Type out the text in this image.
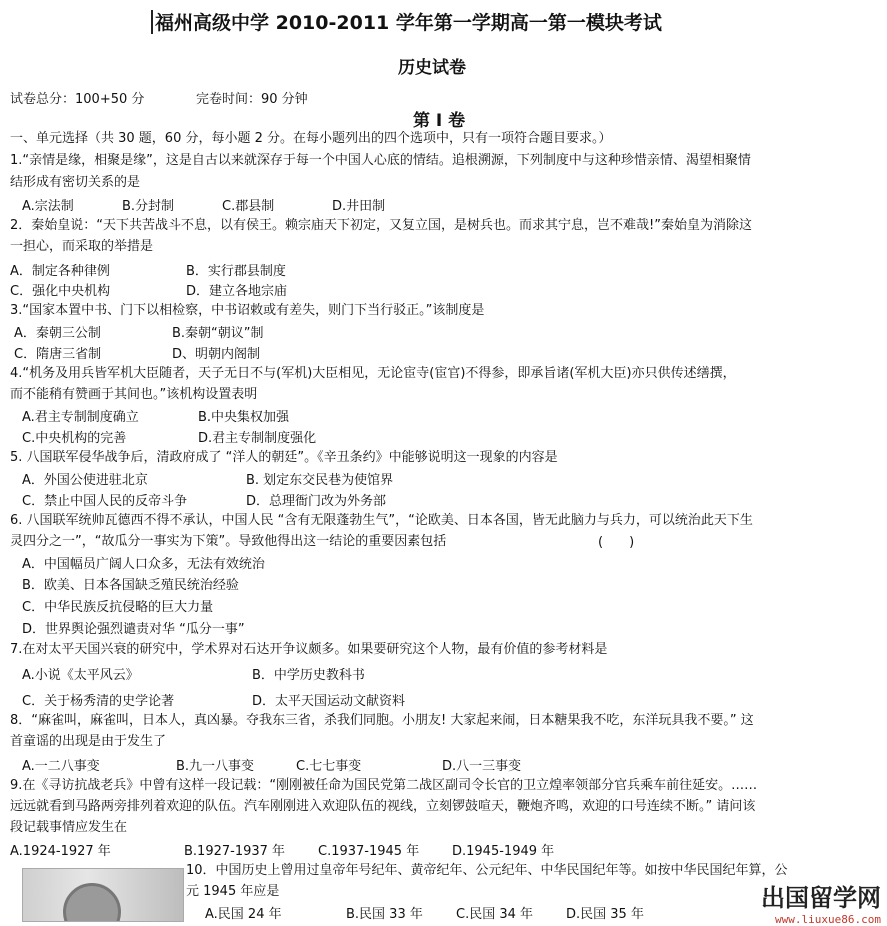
福州高级中学 2010-2011 学年第一学期高一第一模块考试
历史试卷
试卷总分：100+50 分	完卷时间：90 分钟
第 I 卷
一、单元选择（共 30 题，60 分，每小题 2 分。在每小题列出的四个选项中，只有一项符合题目要求。）
1.“亲情是缘，相聚是缘”，这是自古以来就深存于每一个中国人心底的情结。追根溯源，下列制度中与这种珍惜亲情、渴望相聚情
结形成有密切关系的是
A.宗法制	B.分封制	C.郡县制	D.井田制
2．秦始皇说：“天下共苦战斗不息，以有侯王。赖宗庙天下初定，又复立国，是树兵也。而求其宁息，岂不难哉!”秦始皇为消除这
一担心，而采取的举措是
A．制定各种律例	B．实行郡县制度
C．强化中央机构	D．建立各地宗庙
3.“国家本置中书、门下以相检察，中书诏敕或有差失，则门下当行驳正。”该制度是
A．秦朝三公制	B.秦朝“朝议”制
C．隋唐三省制	D、明朝内阁制
4.“机务及用兵皆军机大臣随者，天子无日不与(军机)大臣相见，无论宦寺(宦官)不得参，即承旨诸(军机大臣)亦只供传述缮撰，
而不能稍有赞画于其间也。”该机构设置表明
A.君主专制制度确立	B.中央集权加强
C.中央机构的完善	D.君主专制制度强化
5. 八国联军侵华战争后，清政府成了 “洋人的朝廷”。《辛丑条约》中能够说明这一现象的内容是
A．外国公使进驻北京	B. 划定东交民巷为使馆界
C．禁止中国人民的反帝斗争	D．总理衙门改为外务部
6. 八国联军统帅瓦德西不得不承认，中国人民 “含有无限蓬勃生气”，“论欧美、日本各国，皆无此脑力与兵力，可以统治此天下生
灵四分之一”，“故瓜分一事实为下策”。导致他得出这一结论的重要因素包括	(　　)
A．中国幅员广阔人口众多，无法有效统治
B．欧美、日本各国缺乏殖民统治经验
C．中华民族反抗侵略的巨大力量
D．世界舆论强烈谴责对华 “瓜分一事”
7.在对太平天国兴衰的研究中，学术界对石达开争议颇多。如果要研究这个人物，最有价值的参考材料是
A.小说《太平风云》	B．中学历史教科书
C．关于杨秀清的史学论著	D．太平天国运动文献资料
8．“麻雀叫，麻雀叫，日本人，真凶暴。夺我东三省，杀我们同胞。小朋友! 大家起来闹，日本糖果我不吃，东洋玩具我不要。” 这
首童谣的出现是由于发生了
A.一二八事变	B.九一八事变	C.七七事变	D.八一三事变
9.在《寻访抗战老兵》中曾有这样一段记载：“刚刚被任命为国民党第二战区副司令长官的卫立煌率领部分官兵乘车前往延安。……
远远就看到马路两旁排列着欢迎的队伍。汽车刚刚进入欢迎队伍的视线，立刻锣鼓喧天，鞭炮齐鸣，欢迎的口号连续不断。” 请问该
段记载事情应发生在
A.1924-1927 年	B.1927-1937 年	C.1937-1945 年	D.1945-1949 年
10．中国历史上曾用过皇帝年号纪年、黄帝纪年、公元纪年、中华民国纪年等。如按中华民国纪年算，公
元 1945 年应是
A.民国 24 年	B.民国 33 年	C.民国 34 年	D.民国 35 年
出国留学网
www.liuxue86.com
